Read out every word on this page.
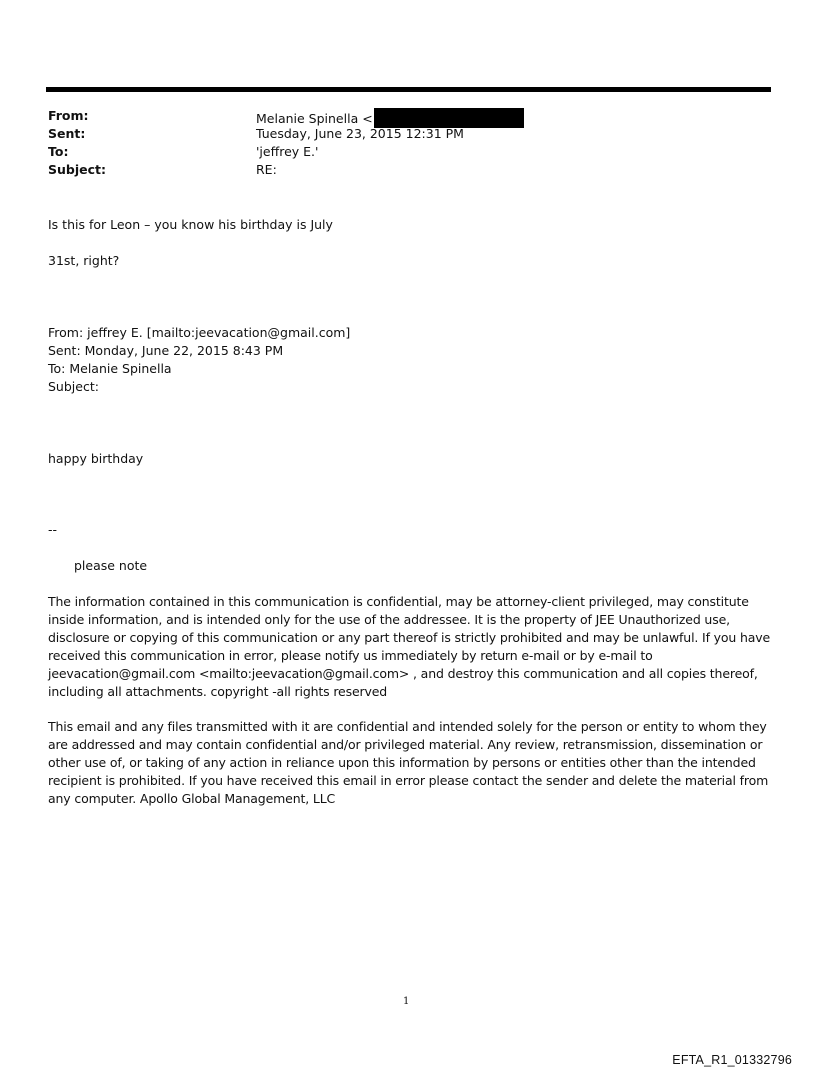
From:	Melanie Spinella <
Sent:	Tuesday, June 23, 2015 12:31 PM
To:	'jeffrey E.'
Subject:	RE:
Is this for Leon – you know his birthday is July
31st, right?
From: jeffrey E. [mailto:jeevacation@gmail.com]
Sent: Monday, June 22, 2015 8:43 PM
To: Melanie Spinella
Subject:
happy birthday
--
please note
The information contained in this communication is confidential, may be attorney-client privileged, may constitute
inside information, and is intended only for the use of the addressee. It is the property of JEE Unauthorized use,
disclosure or copying of this communication or any part thereof is strictly prohibited and may be unlawful. If you have
received this communication in error, please notify us immediately by return e-mail or by e-mail to
jeevacation@gmail.com <mailto:jeevacation@gmail.com> , and destroy this communication and all copies thereof,
including all attachments. copyright -all rights reserved
This email and any files transmitted with it are confidential and intended solely for the person or entity to whom they
are addressed and may contain confidential and/or privileged material. Any review, retransmission, dissemination or
other use of, or taking of any action in reliance upon this information by persons or entities other than the intended
recipient is prohibited. If you have received this email in error please contact the sender and delete the material from
any computer. Apollo Global Management, LLC
1
EFTA_R1_01332796
